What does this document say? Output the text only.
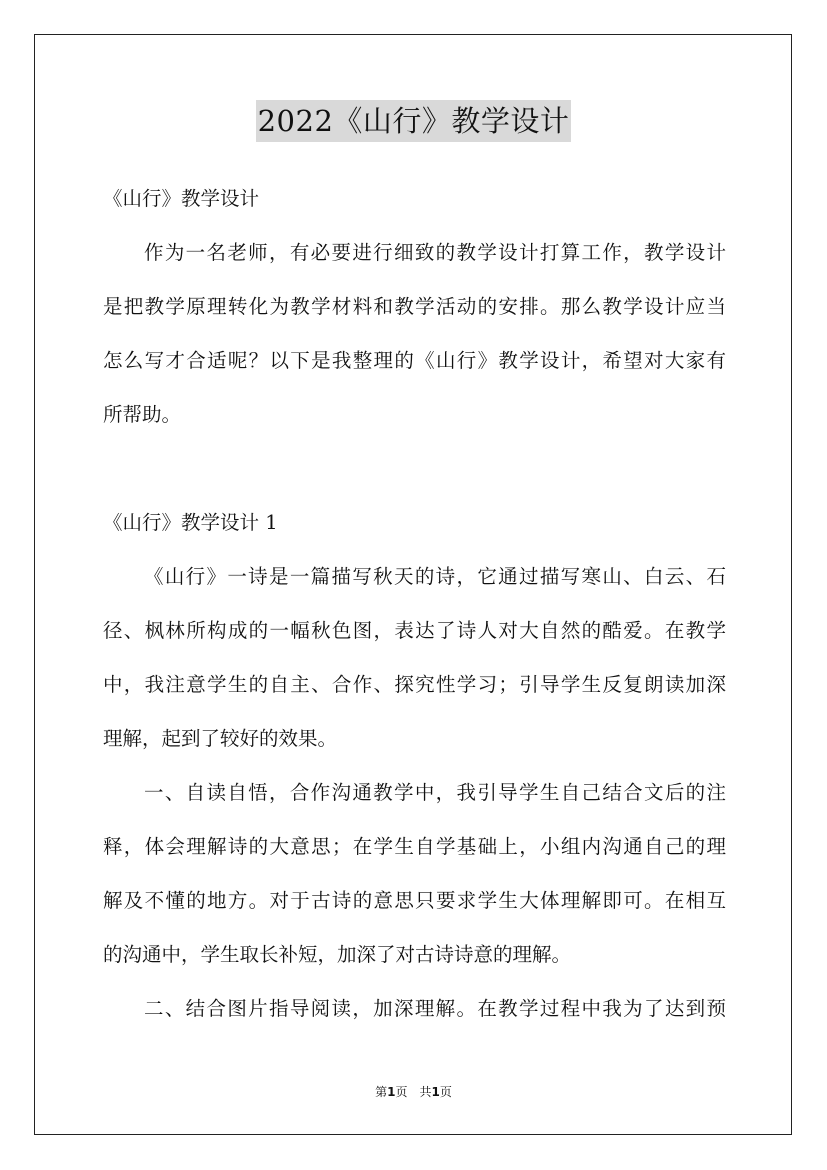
2022《山行》教学设计

《山行》教学设计

作为一名老师，有必要进行细致的教学设计打算工作，教学设计

是把教学原理转化为教学材料和教学活动的安排。那么教学设计应当

怎么写才合适呢？以下是我整理的《山行》教学设计，希望对大家有

所帮助。

《山行》教学设计 1

《山行》一诗是一篇描写秋天的诗，它通过描写寒山、白云、石

径、枫林所构成的一幅秋色图，表达了诗人对大自然的酷爱。在教学

中，我注意学生的自主、合作、探究性学习；引导学生反复朗读加深

理解，起到了较好的效果。

一、自读自悟，合作沟通教学中，我引导学生自己结合文后的注

释，体会理解诗的大意思；在学生自学基础上，小组内沟通自己的理

解及不懂的地方。对于古诗的意思只要求学生大体理解即可。在相互

的沟通中，学生取长补短，加深了对古诗诗意的理解。

二、结合图片指导阅读，加深理解。在教学过程中我为了达到预

第1页　共1页
